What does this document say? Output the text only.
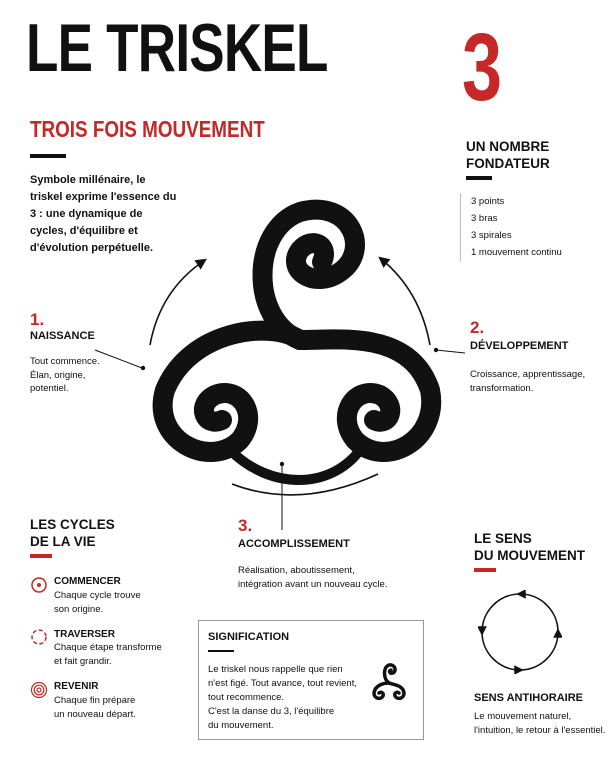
LE TRISKEL
TROIS FOIS MOUVEMENT
Symbole millénaire, le triskel exprime l'essence du 3 : une dynamique de cycles, d'équilibre et d'évolution perpétuelle.
3
UN NOMBRE
FONDATEUR
3 points
3 bras
3 spirales
1 mouvement continu
1.
NAISSANCE
Tout commence.
Élan, origine,
potentiel.
2.
DÉVELOPPEMENT
Croissance, apprentissage,
transformation.
3.
ACCOMPLISSEMENT
Réalisation, aboutissement,
intégration avant un nouveau cycle.
LES CYCLES
DE LA VIE
COMMENCER
Chaque cycle trouve
son origine.
TRAVERSER
Chaque étape transforme
et fait grandir.
REVENIR
Chaque fin prépare
un nouveau départ.
SIGNIFICATION
Le triskel nous rappelle que rien
n'est figé. Tout avance, tout revient,
tout recommence.
C'est la danse du 3, l'équilibre
du mouvement.
LE SENS
DU MOUVEMENT
SENS ANTIHORAIRE
Le mouvement naturel,
l'intuition, le retour à l'essentiel.
